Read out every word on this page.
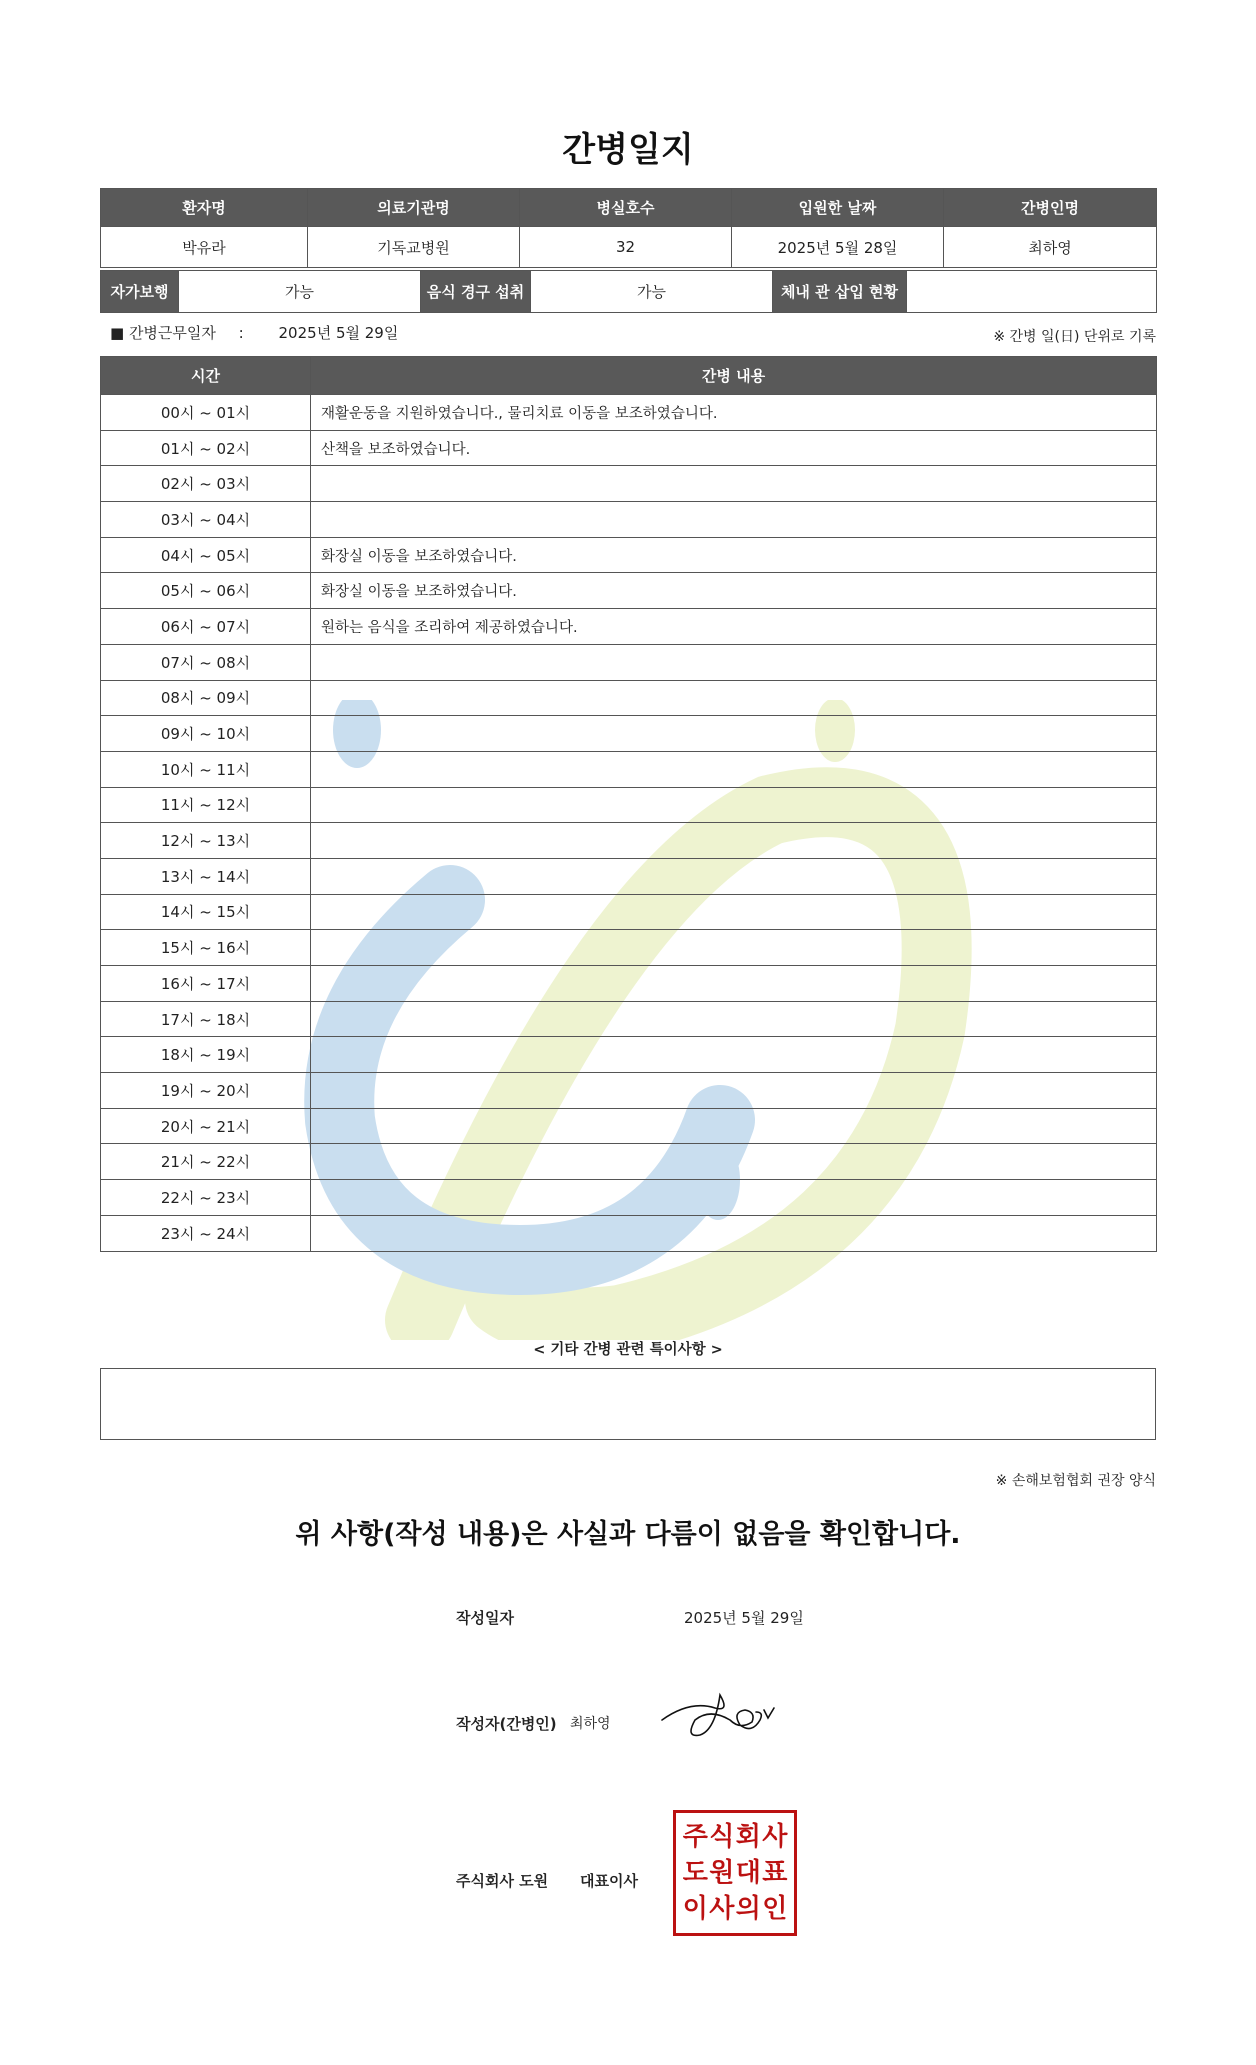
간병일지
환자명	의료기관명	병실호수	입원한 날짜	간병인명
박유라	기독교병원	32	2025년 5월 28일	최하영
자가보행	가능	음식 경구 섭취	가능	체내 관 삽입 현황	
■ 간병근무일자 : 2025년 5월 29일	※ 간병 일(日) 단위로 기록
시간	간병 내용
00시 ~ 01시	재활운동을 지원하였습니다., 물리치료 이동을 보조하였습니다.
01시 ~ 02시	산책을 보조하였습니다.
02시 ~ 03시	
03시 ~ 04시	
04시 ~ 05시	화장실 이동을 보조하였습니다.
05시 ~ 06시	화장실 이동을 보조하였습니다.
06시 ~ 07시	원하는 음식을 조리하여 제공하였습니다.
07시 ~ 08시	
08시 ~ 09시	
09시 ~ 10시	
10시 ~ 11시	
11시 ~ 12시	
12시 ~ 13시	
13시 ~ 14시	
14시 ~ 15시	
15시 ~ 16시	
16시 ~ 17시	
17시 ~ 18시	
18시 ~ 19시	
19시 ~ 20시	
20시 ~ 21시	
21시 ~ 22시	
22시 ~ 23시	
23시 ~ 24시	
< 기타 간병 관련 특이사항 >
※ 손해보험협회 권장 양식
위 사항(작성 내용)은 사실과 다름이 없음을 확인합니다.
작성일자	2025년 5월 29일
작성자(간병인) 최하영
주식회사 도원 대표이사
주 식 회 사
도 원 대 표
이 사 의 인
